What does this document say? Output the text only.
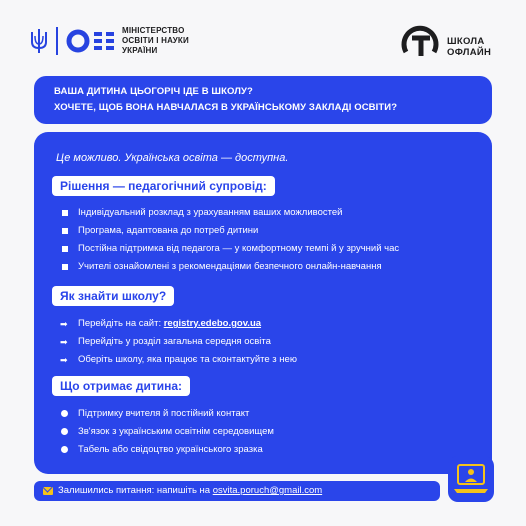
МІНІСТЕРСТВО
ОСВІТИ І НАУКИ
УКРАЇНИ
ШКОЛА
ОФЛАЙН
ВАША ДИТИНА ЦЬОГОРІЧ ІДЕ В ШКОЛУ?
ХОЧЕТЕ, ЩОБ ВОНА НАВЧАЛАСЯ В УКРАЇНСЬКОМУ ЗАКЛАДІ ОСВІТИ?
Це можливо. Українська освіта — доступна.
Рішення — педагогічний супровід:
Індивідуальний розклад з урахуванням ваших можливостей
Програма, адаптована до потреб дитини
Постійна підтримка від педагога — у комфортному темпі й у зручний час
Учителі ознайомлені з рекомендаціями безпечного онлайн-навчання
Як знайти школу?
➡	Перейдіть на сайт: registry.edebo.gov.ua
➡	Перейдіть у розділ загальна середня освіта
➡	Оберіть школу, яка працює та сконтактуйте з нею
Що отримає дитина:
Підтримку вчителя й постійний контакт
Зв'язок з українським освітнім середовищем
Табель або свідоцтво українського зразка
Залишились питання: напишіть на osvita.poruch@gmail.com
